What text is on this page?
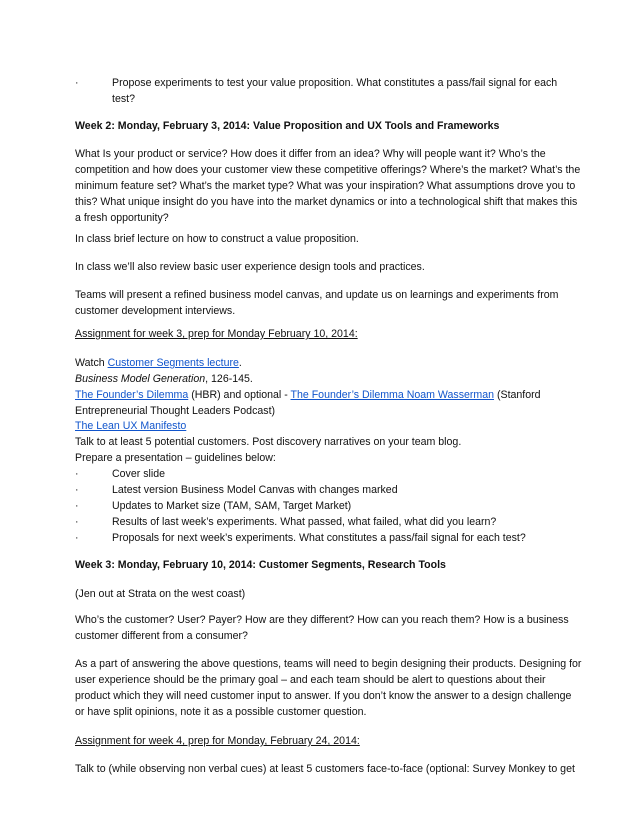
·	Propose experiments to test your value proposition. What constitutes a pass/fail signal for each
test?
Week 2: Monday, February 3, 2014: Value Proposition and UX Tools and Frameworks
What Is your product or service? How does it differ from an idea? Why will people want it? Who’s the
competition and how does your customer view these competitive offerings? Where’s the market? What’s the
minimum feature set? What’s the market type? What was your inspiration? What assumptions drove you to
this? What unique insight do you have into the market dynamics or into a technological shift that makes this
a fresh opportunity?
In class brief lecture on how to construct a value proposition.
In class we’ll also review basic user experience design tools and practices.
Teams will present a refined business model canvas, and update us on learnings and experiments from
customer development interviews.
Assignment for week 3, prep for Monday February 10, 2014:
Watch Customer Segments lecture.
Business Model Generation, 126-145.
The Founder’s Dilemma (HBR) and optional - The Founder’s Dilemma Noam Wasserman (Stanford
Entrepreneurial Thought Leaders Podcast)
The Lean UX Manifesto
Talk to at least 5 potential customers. Post discovery narratives on your team blog.
Prepare a presentation – guidelines below:
·	Cover slide
·	Latest version Business Model Canvas with changes marked
·	Updates to Market size (TAM, SAM, Target Market)
·	Results of last week’s experiments. What passed, what failed, what did you learn?
·	Proposals for next week’s experiments. What constitutes a pass/fail signal for each test?
Week 3: Monday, February 10, 2014: Customer Segments, Research Tools
(Jen out at Strata on the west coast)
Who’s the customer? User? Payer? How are they different? How can you reach them? How is a business
customer different from a consumer?
As a part of answering the above questions, teams will need to begin designing their products. Designing for
user experience should be the primary goal – and each team should be alert to questions about their
product which they will need customer input to answer. If you don’t know the answer to a design challenge
or have split opinions, note it as a possible customer question.
Assignment for week 4, prep for Monday, February 24, 2014:
Talk to (while observing non verbal cues) at least 5 customers face-to-face (optional: Survey Monkey to get
